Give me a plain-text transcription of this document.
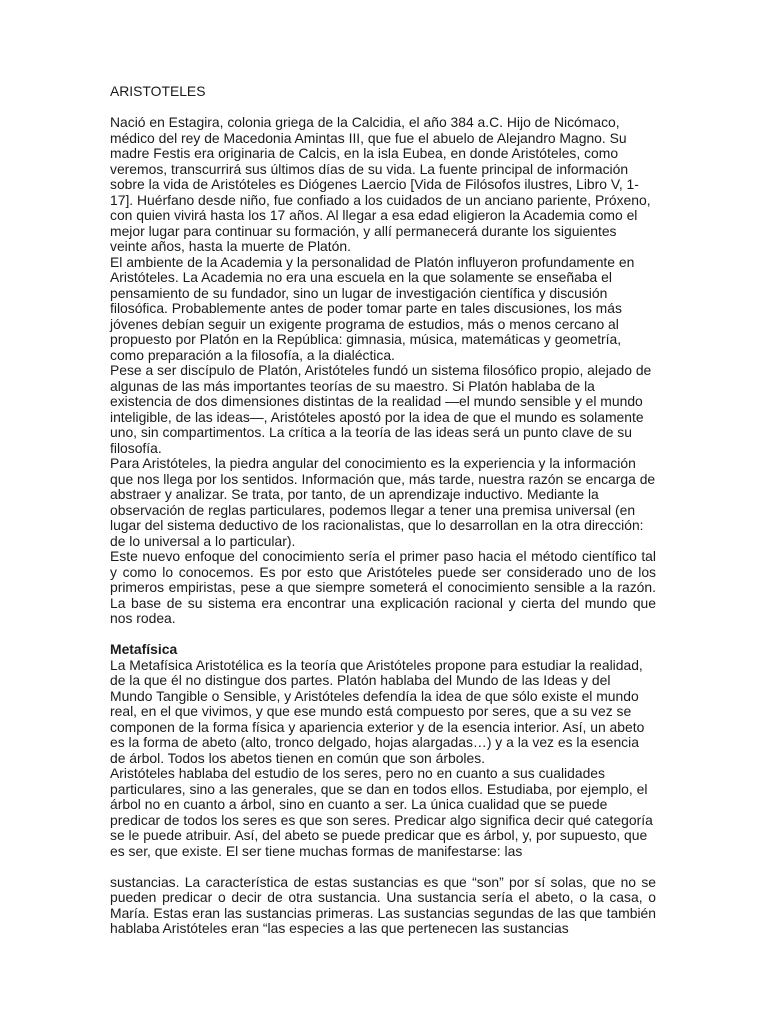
ARISTOTELES

Nació en Estagira, colonia griega de la Calcidia, el año 384 a.C. Hijo de Nicómaco, médico del rey de Macedonia Amintas III, que fue el abuelo de Alejandro Magno. Su madre Festis era originaria de Calcis, en la isla Eubea, en donde Aristóteles, como veremos, transcurrirá sus últimos días de su vida. La fuente principal de información sobre la vida de Aristóteles es Diógenes Laercio [Vida de Filósofos ilustres, Libro V, 1-17]. Huérfano desde niño, fue confiado a los cuidados de un anciano pariente, Próxeno, con quien vivirá hasta los 17 años. Al llegar a esa edad eligieron la Academia como el mejor lugar para continuar su formación, y allí permanecerá durante los siguientes veinte años, hasta la muerte de Platón.

El ambiente de la Academia y la personalidad de Platón influyeron profundamente en Aristóteles. La Academia no era una escuela en la que solamente se enseñaba el pensamiento de su fundador, sino un lugar de investigación científica y discusión filosófica. Probablemente antes de poder tomar parte en tales discusiones, los más jóvenes debían seguir un exigente programa de estudios, más o menos cercano al propuesto por Platón en la República: gimnasia, música, matemáticas y geometría, como preparación a la filosofía, a la dialéctica.

Pese a ser discípulo de Platón, Aristóteles fundó un sistema filosófico propio, alejado de algunas de las más importantes teorías de su maestro. Si Platón hablaba de la existencia de dos dimensiones distintas de la realidad —el mundo sensible y el mundo inteligible, de las ideas—, Aristóteles apostó por la idea de que el mundo es solamente uno, sin compartimentos. La crítica a la teoría de las ideas será un punto clave de su filosofía.

Para Aristóteles, la piedra angular del conocimiento es la experiencia y la información que nos llega por los sentidos. Información que, más tarde, nuestra razón se encarga de abstraer y analizar. Se trata, por tanto, de un aprendizaje inductivo. Mediante la observación de reglas particulares, podemos llegar a tener una premisa universal (en lugar del sistema deductivo de los racionalistas, que lo desarrollan en la otra dirección: de lo universal a lo particular).

Este nuevo enfoque del conocimiento sería el primer paso hacia el método científico tal y como lo conocemos. Es por esto que Aristóteles puede ser considerado uno de los primeros empiristas, pese a que siempre someterá el conocimiento sensible a la razón. La base de su sistema era encontrar una explicación racional y cierta del mundo que nos rodea.

Metafísica

La Metafísica Aristotélica es la teoría que Aristóteles propone para estudiar la realidad, de la que él no distingue dos partes. Platón hablaba del Mundo de las Ideas y del Mundo Tangible o Sensible, y Aristóteles defendía la idea de que sólo existe el mundo real, en el que vivimos, y que ese mundo está compuesto por seres, que a su vez se componen de la forma física y apariencia exterior y de la esencia interior. Así, un abeto es la forma de abeto (alto, tronco delgado, hojas alargadas…) y a la vez es la esencia de árbol. Todos los abetos tienen en común que son árboles.

Aristóteles hablaba del estudio de los seres, pero no en cuanto a sus cualidades particulares, sino a las generales, que se dan en todos ellos. Estudiaba, por ejemplo, el árbol no en cuanto a árbol, sino en cuanto a ser. La única cualidad que se puede predicar de todos los seres es que son seres. Predicar algo significa decir qué categoría se le puede atribuir. Así, del abeto se puede predicar que es árbol, y, por supuesto, que es ser, que existe. El ser tiene muchas formas de manifestarse: las

sustancias. La característica de estas sustancias es que “son” por sí solas, que no se pueden predicar o decir de otra sustancia. Una sustancia sería el abeto, o la casa, o María. Estas eran las sustancias primeras. Las sustancias segundas de las que también hablaba Aristóteles eran “las especies a las que pertenecen las sustancias
